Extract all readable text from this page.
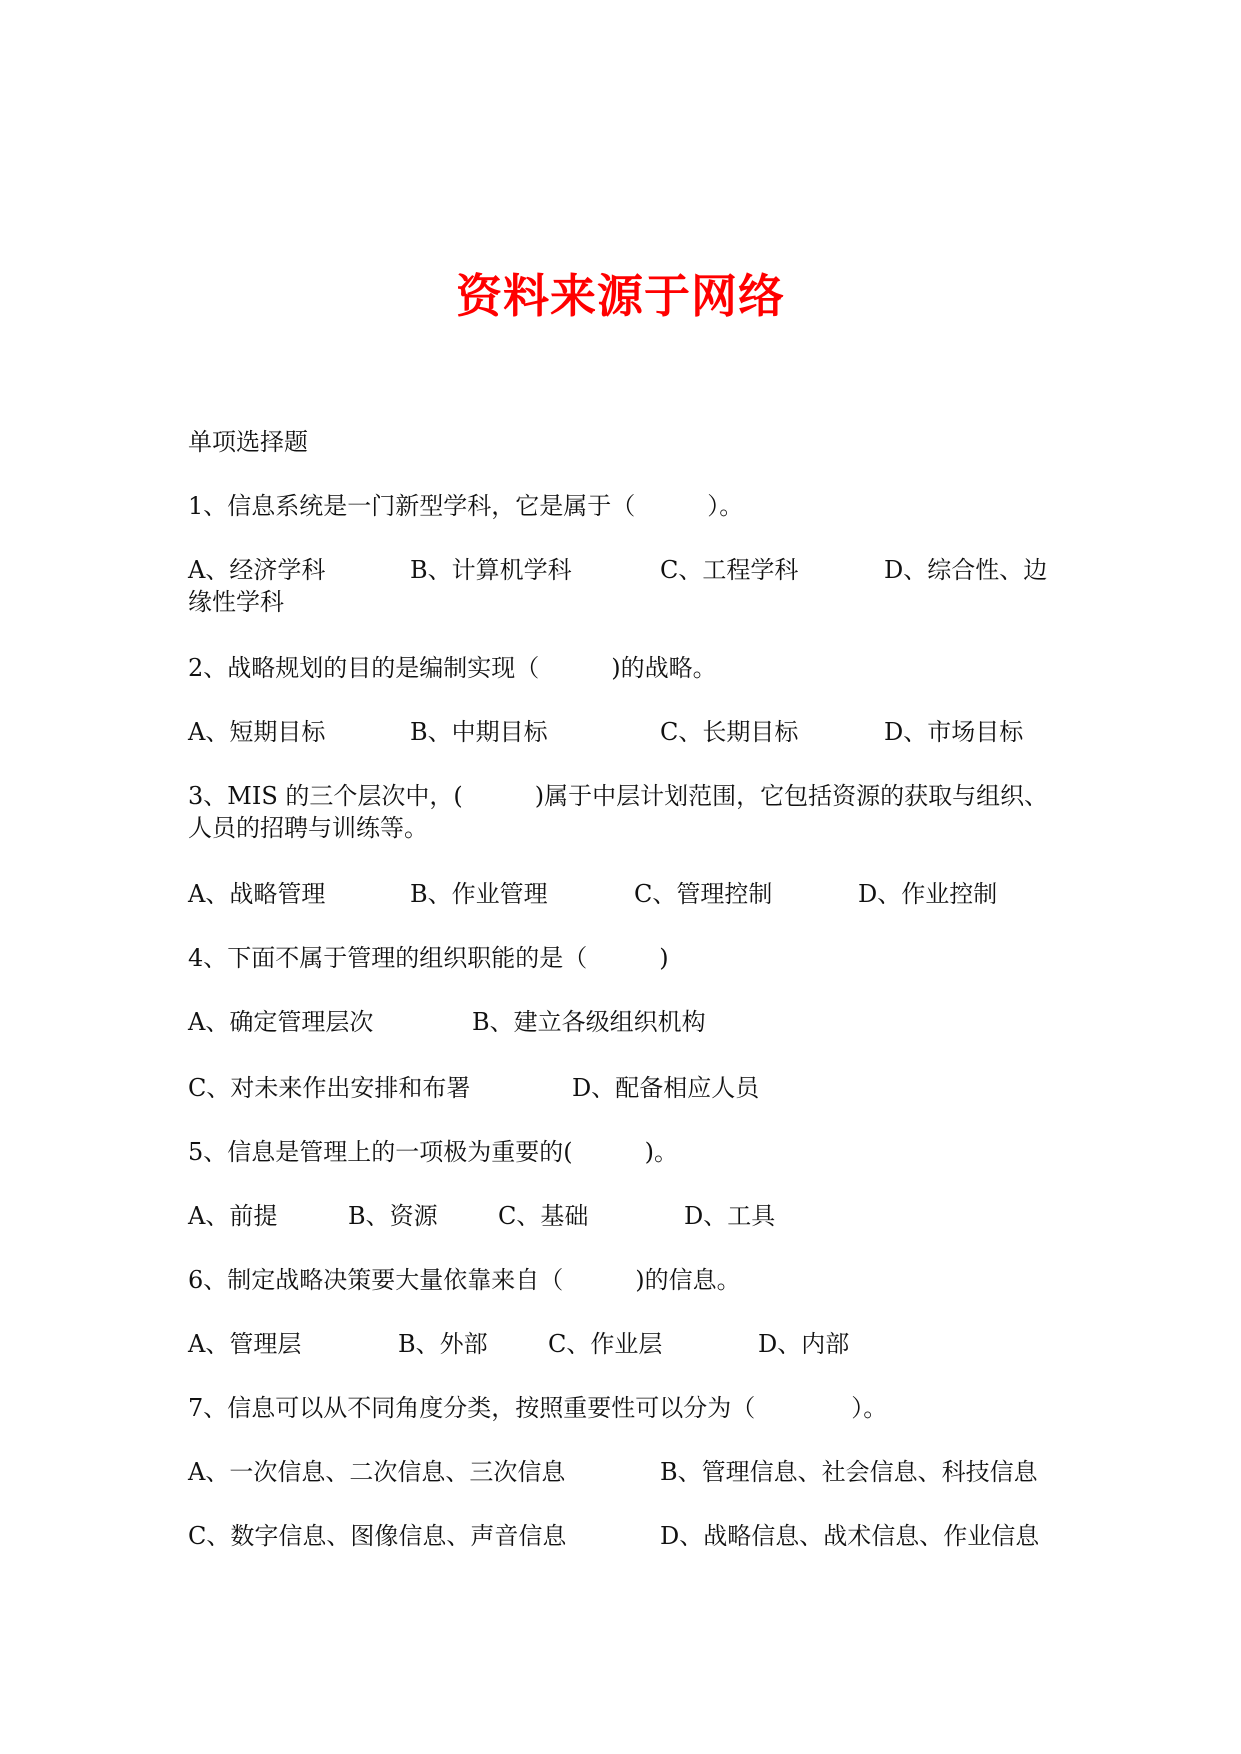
资料来源于网络
单项选择题
1、信息系统是一门新型学科，它是属于（　　　）。
A、经济学科	B、计算机学科	C、工程学科	D、综合性、边
缘性学科
2、战略规划的目的是编制实现（　　　)的战略。
A、短期目标	B、中期目标	C、长期目标	D、市场目标
3、MIS 的三个层次中，(　　　)属于中层计划范围，它包括资源的获取与组织、
人员的招聘与训练等。
A、战略管理	B、作业管理	C、管理控制	D、作业控制
4、下面不属于管理的组织职能的是（　　　)
A、确定管理层次	B、建立各级组织机构
C、对未来作出安排和布署	D、配备相应人员
5、信息是管理上的一项极为重要的(　　　)。
A、前提	B、资源	C、基础	D、工具
6、制定战略决策要大量依靠来自（　　　)的信息。
A、管理层	B、外部	C、作业层	D、内部
7、信息可以从不同角度分类，按照重要性可以分为（　　　　）。
A、一次信息、二次信息、三次信息	B、管理信息、社会信息、科技信息
C、数字信息、图像信息、声音信息	D、战略信息、战术信息、作业信息
